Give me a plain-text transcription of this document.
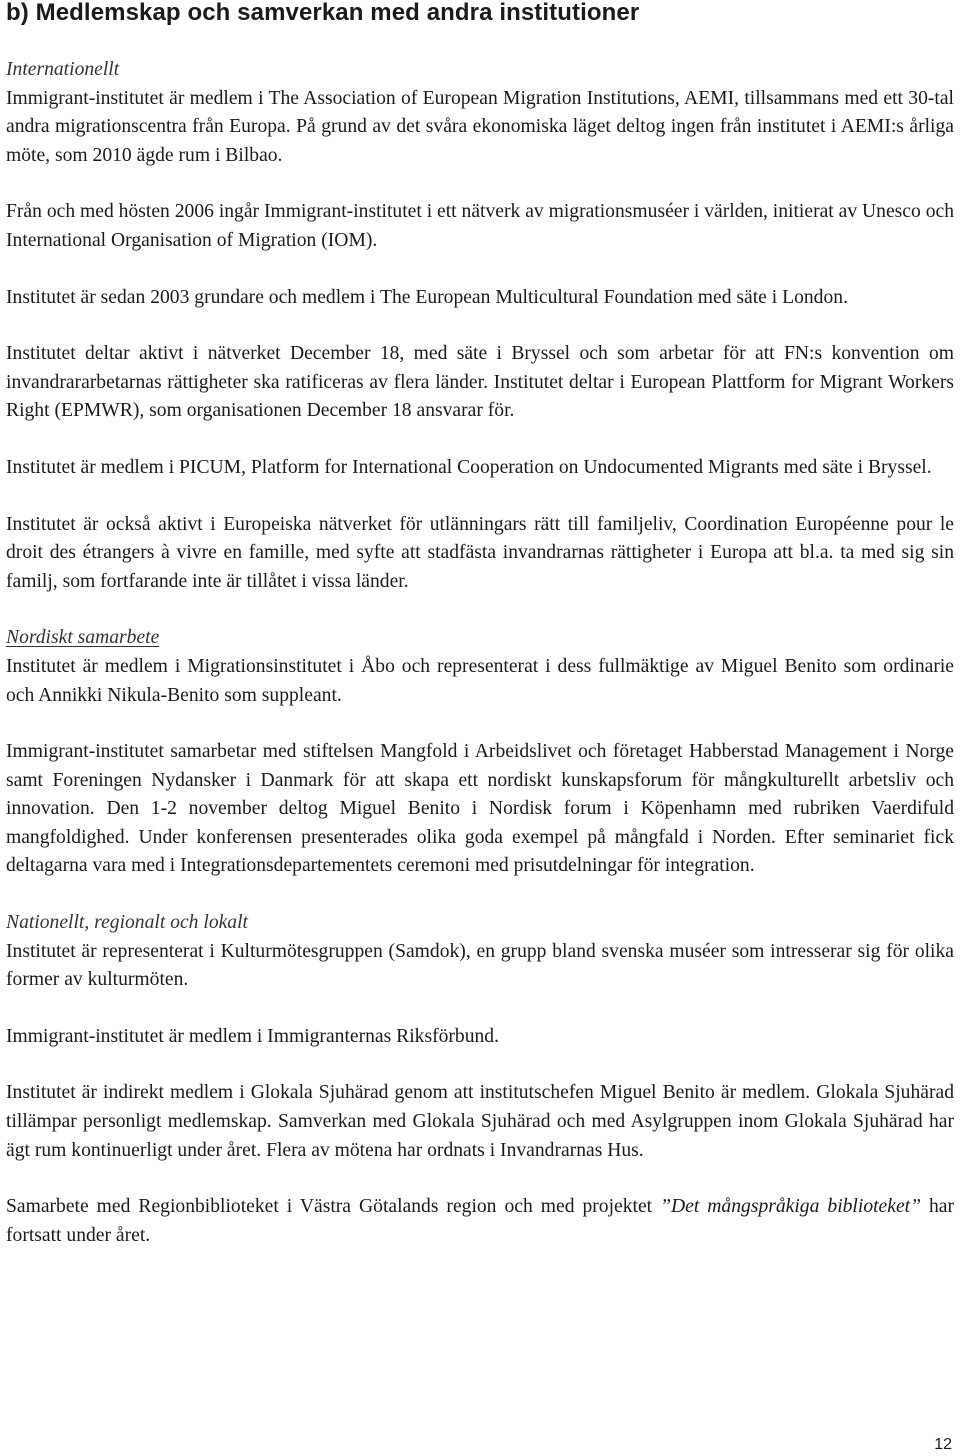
b) Medlemskap och samverkan med andra institutioner
Internationellt

Immigrant-institutet är medlem i The Association of European Migration Institutions, AEMI, tillsammans med ett 30-tal andra migrationscentra från Europa. På grund av det svåra ekonomiska läget deltog ingen från institutet i AEMI:s årliga möte, som 2010 ägde rum i Bilbao.

Från och med hösten 2006 ingår Immigrant-institutet i ett nätverk av migrationsmuséer i världen, initierat av Unesco och International Organisation of Migration (IOM).

Institutet är sedan 2003 grundare och medlem i The European Multicultural Foundation med säte i London.

Institutet deltar aktivt i nätverket December 18, med säte i Bryssel och som arbetar för att FN:s konvention om invandrararbetarnas rättigheter ska ratificeras av flera länder. Institutet deltar i European Plattform for Migrant Workers Right (EPMWR), som organisationen December 18 ansvarar för.

Institutet är medlem i PICUM, Platform for International Cooperation on Undocumented Migrants med säte i Bryssel.

Institutet är också aktivt i Europeiska nätverket för utlänningars rätt till familjeliv, Coordination Européenne pour le droit des étrangers à vivre en famille, med syfte att stadfästa invandrarnas rättigheter i Europa att bl.a. ta med sig sin familj, som fortfarande inte är tillåtet i vissa länder.

Nordiskt samarbete

Institutet är medlem i Migrationsinstitutet i Åbo och representerat i dess fullmäktige av Miguel Benito som ordinarie och Annikki Nikula-Benito som suppleant.

Immigrant-institutet samarbetar med stiftelsen Mangfold i Arbeidslivet och företaget Habberstad Management i Norge samt Foreningen Nydansker i Danmark för att skapa ett nordiskt kunskapsforum för mångkulturellt arbetsliv och innovation. Den 1-2 november deltog Miguel Benito i Nordisk forum i Köpenhamn med rubriken Vaerdifuld mangfoldighed. Under konferensen presenterades olika goda exempel på mångfald i Norden. Efter seminariet fick deltagarna vara med i Integrationsdepartementets ceremoni med prisutdelningar för integration.

Nationellt, regionalt och lokalt

Institutet är representerat i Kulturmötesgruppen (Samdok), en grupp bland svenska muséer som intresserar sig för olika former av kulturmöten.

Immigrant-institutet är medlem i Immigranternas Riksförbund.

Institutet är indirekt medlem i Glokala Sjuhärad genom att institutschefen Miguel Benito är medlem. Glokala Sjuhärad tillämpar personligt medlemskap. Samverkan med Glokala Sjuhärad och med Asylgruppen inom Glokala Sjuhärad har ägt rum kontinuerligt under året. Flera av mötena har ordnats i Invandrarnas Hus.

Samarbete med Regionbiblioteket i Västra Götalands region och med projektet ”Det mångspråkiga biblioteket” har fortsatt under året.

12
